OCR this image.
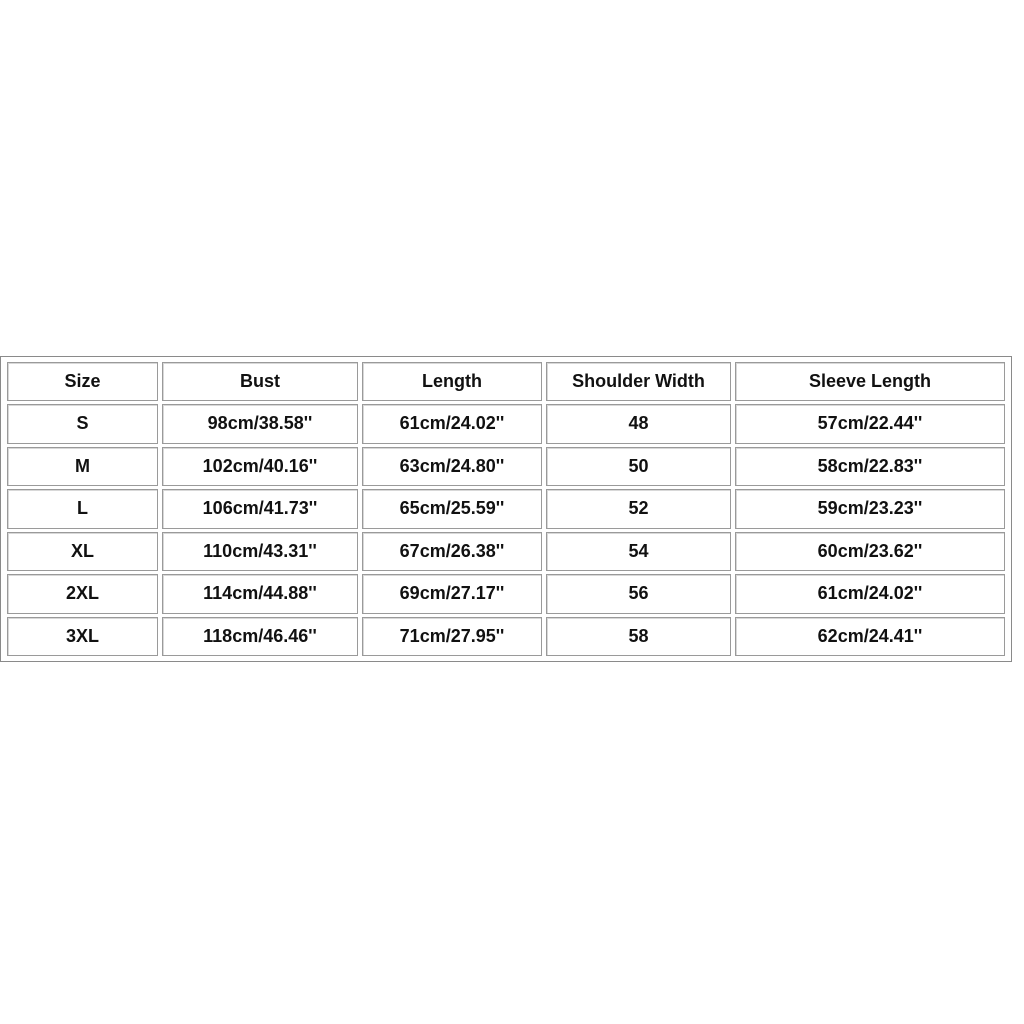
Size	Bust	Length	Shoulder Width	Sleeve Length
S	98cm/38.58''	61cm/24.02''	48	57cm/22.44''
M	102cm/40.16''	63cm/24.80''	50	58cm/22.83''
L	106cm/41.73''	65cm/25.59''	52	59cm/23.23''
XL	110cm/43.31''	67cm/26.38''	54	60cm/23.62''
2XL	114cm/44.88''	69cm/27.17''	56	61cm/24.02''
3XL	118cm/46.46''	71cm/27.95''	58	62cm/24.41''
